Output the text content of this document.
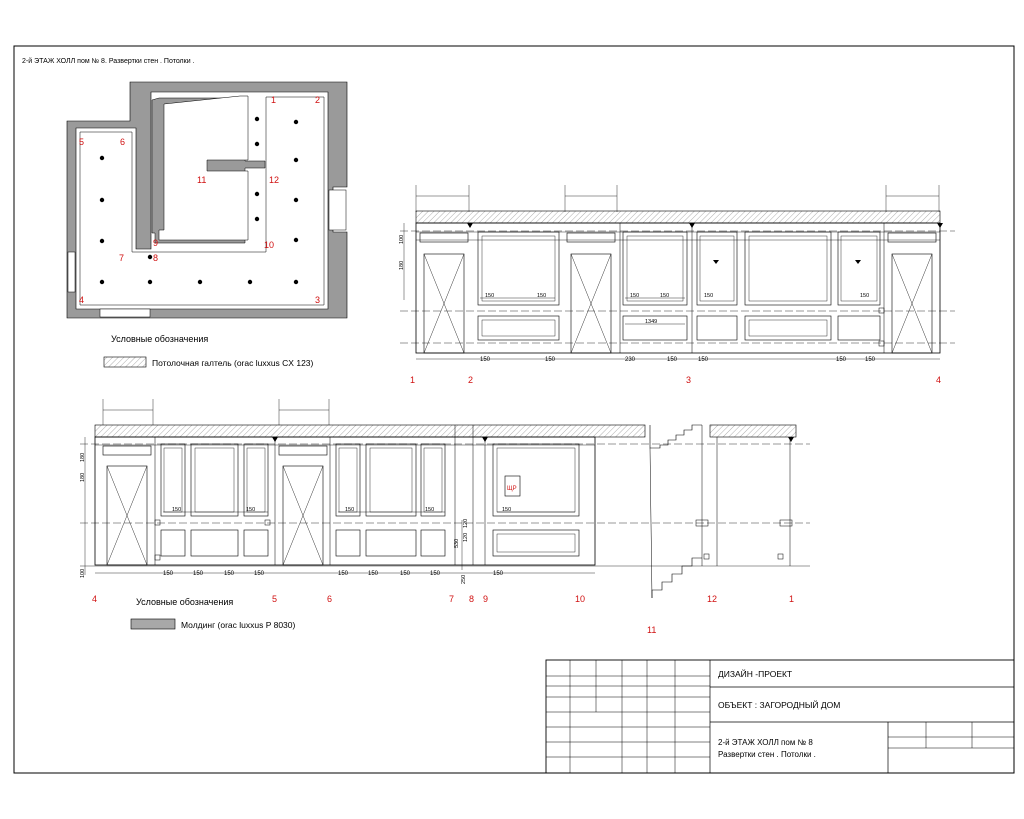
2-й ЭТАЖ ХОЛЛ пом № 8. Развертки стен . Потолки .
1	2
3
4
5	6
7	8
9	10
11	12
Условные обозначения
Потолочная галтель (orac luxxus CX 123)
100
180
150	150	230	150	150	150	150
150	150	150	150	150	150
1349
1	2	3	4
ЩР
180
180
100
120
530
120
150	150	150	150	150	150	150	150
250
150
150	150	150	150	150
4	5	6	7 8 9	10
11
12	1
Условные обозначения
Молдинг (orac luxxus P 8030)
ДИЗАЙН -ПРОЕКТ
ОБЪЕКТ : ЗАГОРОДНЫЙ ДОМ
2-й ЭТАЖ ХОЛЛ пом № 8
Развертки стен . Потолки .
